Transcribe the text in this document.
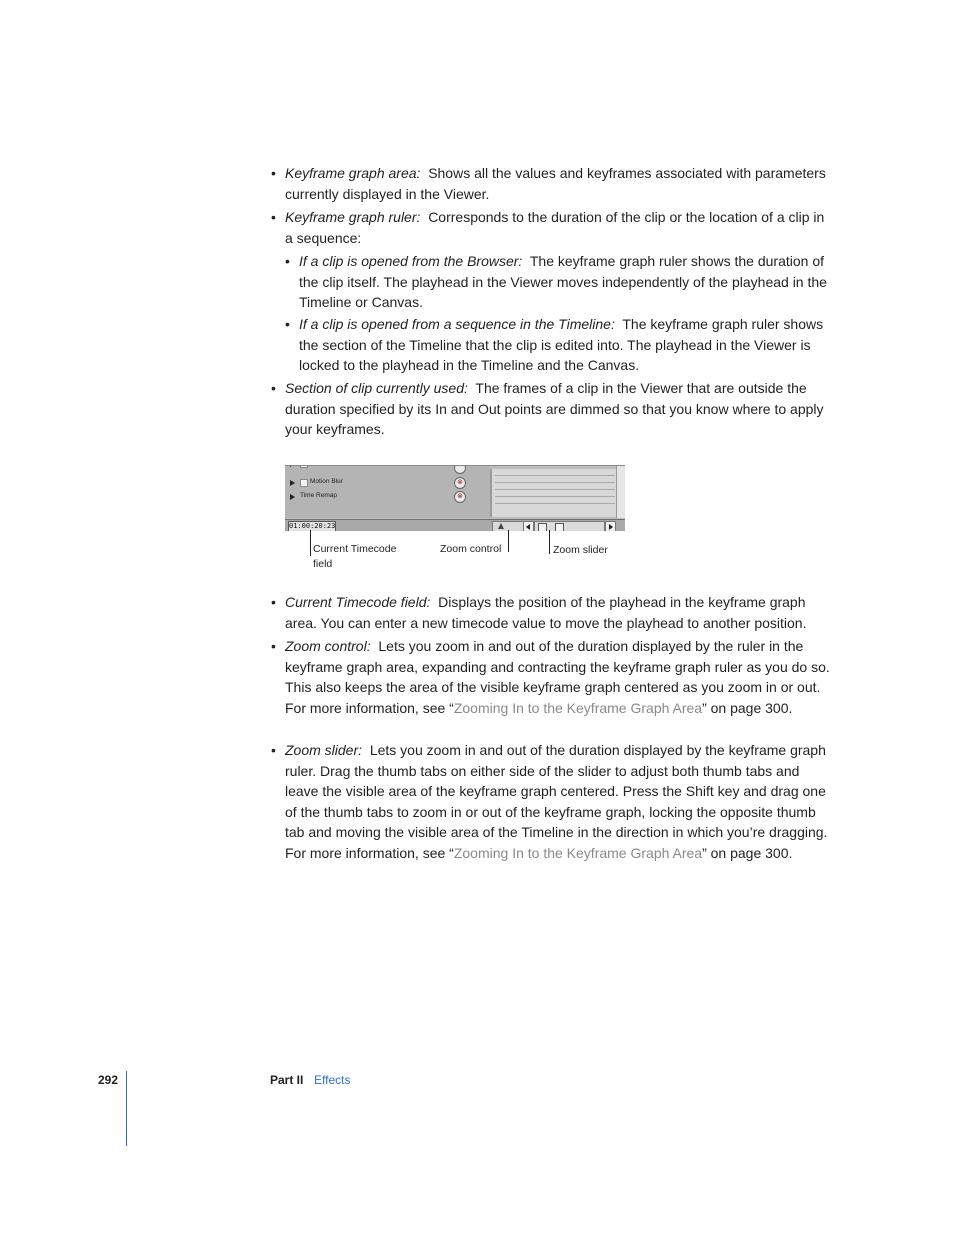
• Keyframe graph area: Shows all the values and keyframes associated with parameters currently displayed in the Viewer.

• Keyframe graph ruler: Corresponds to the duration of the clip or the location of a clip in a sequence:

• If a clip is opened from the Browser: The keyframe graph ruler shows the duration of the clip itself. The playhead in the Viewer moves independently of the playhead in the Timeline or Canvas.

• If a clip is opened from a sequence in the Timeline: The keyframe graph ruler shows the section of the Timeline that the clip is edited into. The playhead in the Viewer is locked to the playhead in the Timeline and the Canvas.

• Section of clip currently used: The frames of a clip in the Viewer that are outside the duration specified by its In and Out points are dimmed so that you know where to apply your keyframes.

Motion Blur
Time Remap
⊗
⊗
01:00:20:23
Current Timecode field
Zoom control	Zoom slider

• Current Timecode field: Displays the position of the playhead in the keyframe graph area. You can enter a new timecode value to move the playhead to another position.

• Zoom control: Lets you zoom in and out of the duration displayed by the ruler in the keyframe graph area, expanding and contracting the keyframe graph ruler as you do so. This also keeps the area of the visible keyframe graph centered as you zoom in or out. For more information, see “Zooming In to the Keyframe Graph Area” on page 300.

• Zoom slider: Lets you zoom in and out of the duration displayed by the keyframe graph ruler. Drag the thumb tabs on either side of the slider to adjust both thumb tabs and leave the visible area of the keyframe graph centered. Press the Shift key and drag one of the thumb tabs to zoom in or out of the keyframe graph, locking the opposite thumb tab and moving the visible area of the Timeline in the direction in which you’re dragging. For more information, see “Zooming In to the Keyframe Graph Area” on page 300.

292	Part II Effects
